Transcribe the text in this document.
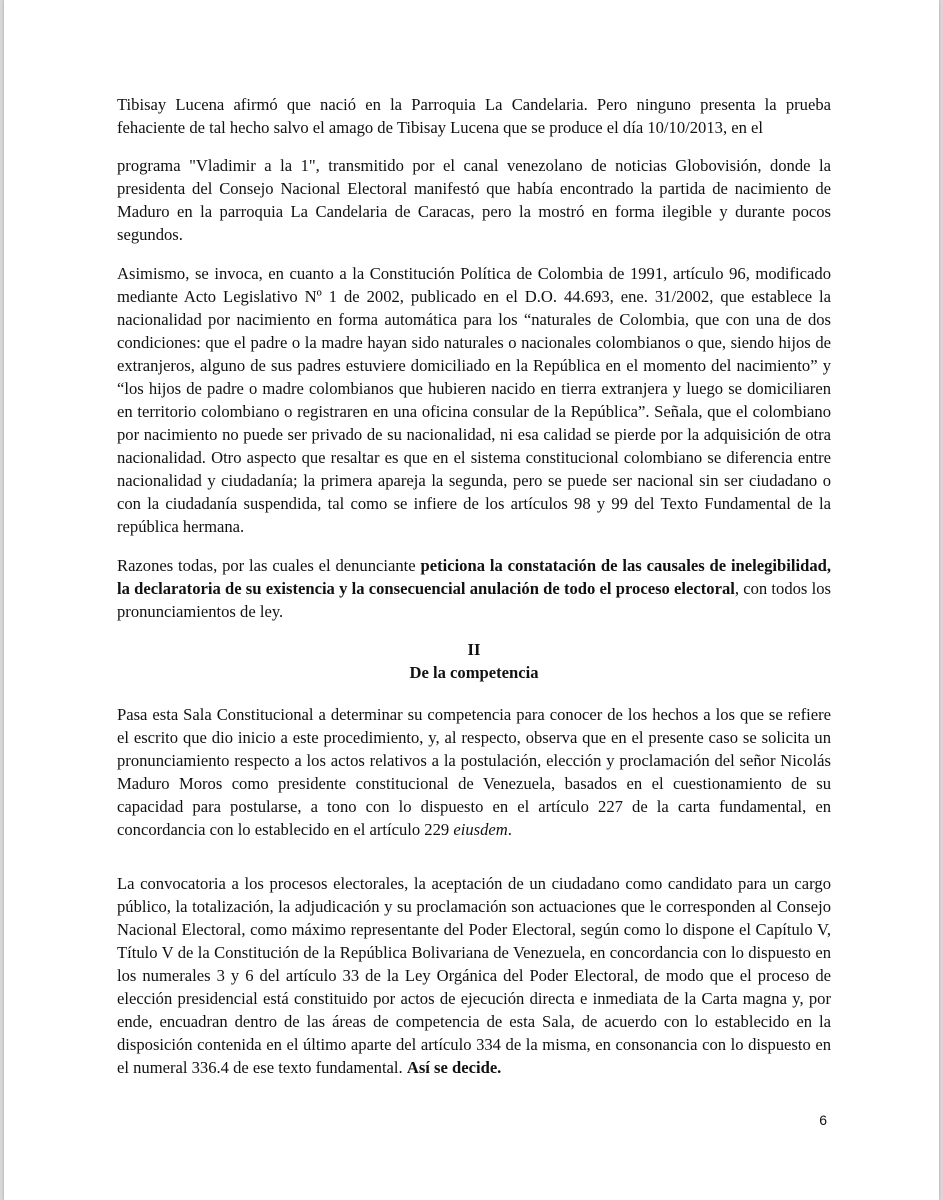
Tibisay Lucena afirmó que nació en la Parroquia La Candelaria. Pero ninguno presenta la prueba fehaciente de tal hecho salvo el amago de Tibisay Lucena que se produce el día 10/10/2013, en el

programa "Vladimir a la 1", transmitido por el canal venezolano de noticias Globovisión, donde la presidenta del Consejo Nacional Electoral manifestó que había encontrado la partida de nacimiento de Maduro en la parroquia La Candelaria de Caracas, pero la mostró en forma ilegible y durante pocos segundos.

Asimismo, se invoca, en cuanto a la Constitución Política de Colombia de 1991, artículo 96, modificado mediante Acto Legislativo Nº 1 de 2002, publicado en el D.O. 44.693, ene. 31/2002, que establece la nacionalidad por nacimiento en forma automática para los “naturales de Colombia, que con una de dos condiciones: que el padre o la madre hayan sido naturales o nacionales colombianos o que, siendo hijos de extranjeros, alguno de sus padres estuviere domiciliado en la República en el momento del nacimiento” y “los hijos de padre o madre colombianos que hubieren nacido en tierra extranjera y luego se domiciliaren en territorio colombiano o registraren en una oficina consular de la República”. Señala, que el colombiano por nacimiento no puede ser privado de su nacionalidad, ni esa calidad se pierde por la adquisición de otra nacionalidad. Otro aspecto que resaltar es que en el sistema constitucional colombiano se diferencia entre nacionalidad y ciudadanía; la primera apareja la segunda, pero se puede ser nacional sin ser ciudadano o con la ciudadanía suspendida, tal como se infiere de los artículos 98 y 99 del Texto Fundamental de la república hermana.

Razones todas, por las cuales el denunciante peticiona la constatación de las causales de inelegibilidad, la declaratoria de su existencia y la consecuencial anulación de todo el proceso electoral, con todos los pronunciamientos de ley.

II

De la competencia

Pasa esta Sala Constitucional a determinar su competencia para conocer de los hechos a los que se refiere el escrito que dio inicio a este procedimiento, y, al respecto, observa que en el presente caso se solicita un pronunciamiento respecto a los actos relativos a la postulación, elección y proclamación del señor Nicolás Maduro Moros como presidente constitucional de Venezuela, basados en el cuestionamiento de su capacidad para postularse, a tono con lo dispuesto en el artículo 227 de la carta fundamental, en concordancia con lo establecido en el artículo 229 eiusdem.

La convocatoria a los procesos electorales, la aceptación de un ciudadano como candidato para un cargo público, la totalización, la adjudicación y su proclamación son actuaciones que le corresponden al Consejo Nacional Electoral, como máximo representante del Poder Electoral, según como lo dispone el Capítulo V, Título V de la Constitución de la República Bolivariana de Venezuela, en concordancia con lo dispuesto en los numerales 3 y 6 del artículo 33 de la Ley Orgánica del Poder Electoral, de modo que el proceso de elección presidencial está constituido por actos de ejecución directa e inmediata de la Carta magna y, por ende, encuadran dentro de las áreas de competencia de esta Sala, de acuerdo con lo establecido en la disposición contenida en el último aparte del artículo 334 de la misma, en consonancia con lo dispuesto en el numeral 336.4 de ese texto fundamental. Así se decide.

6
